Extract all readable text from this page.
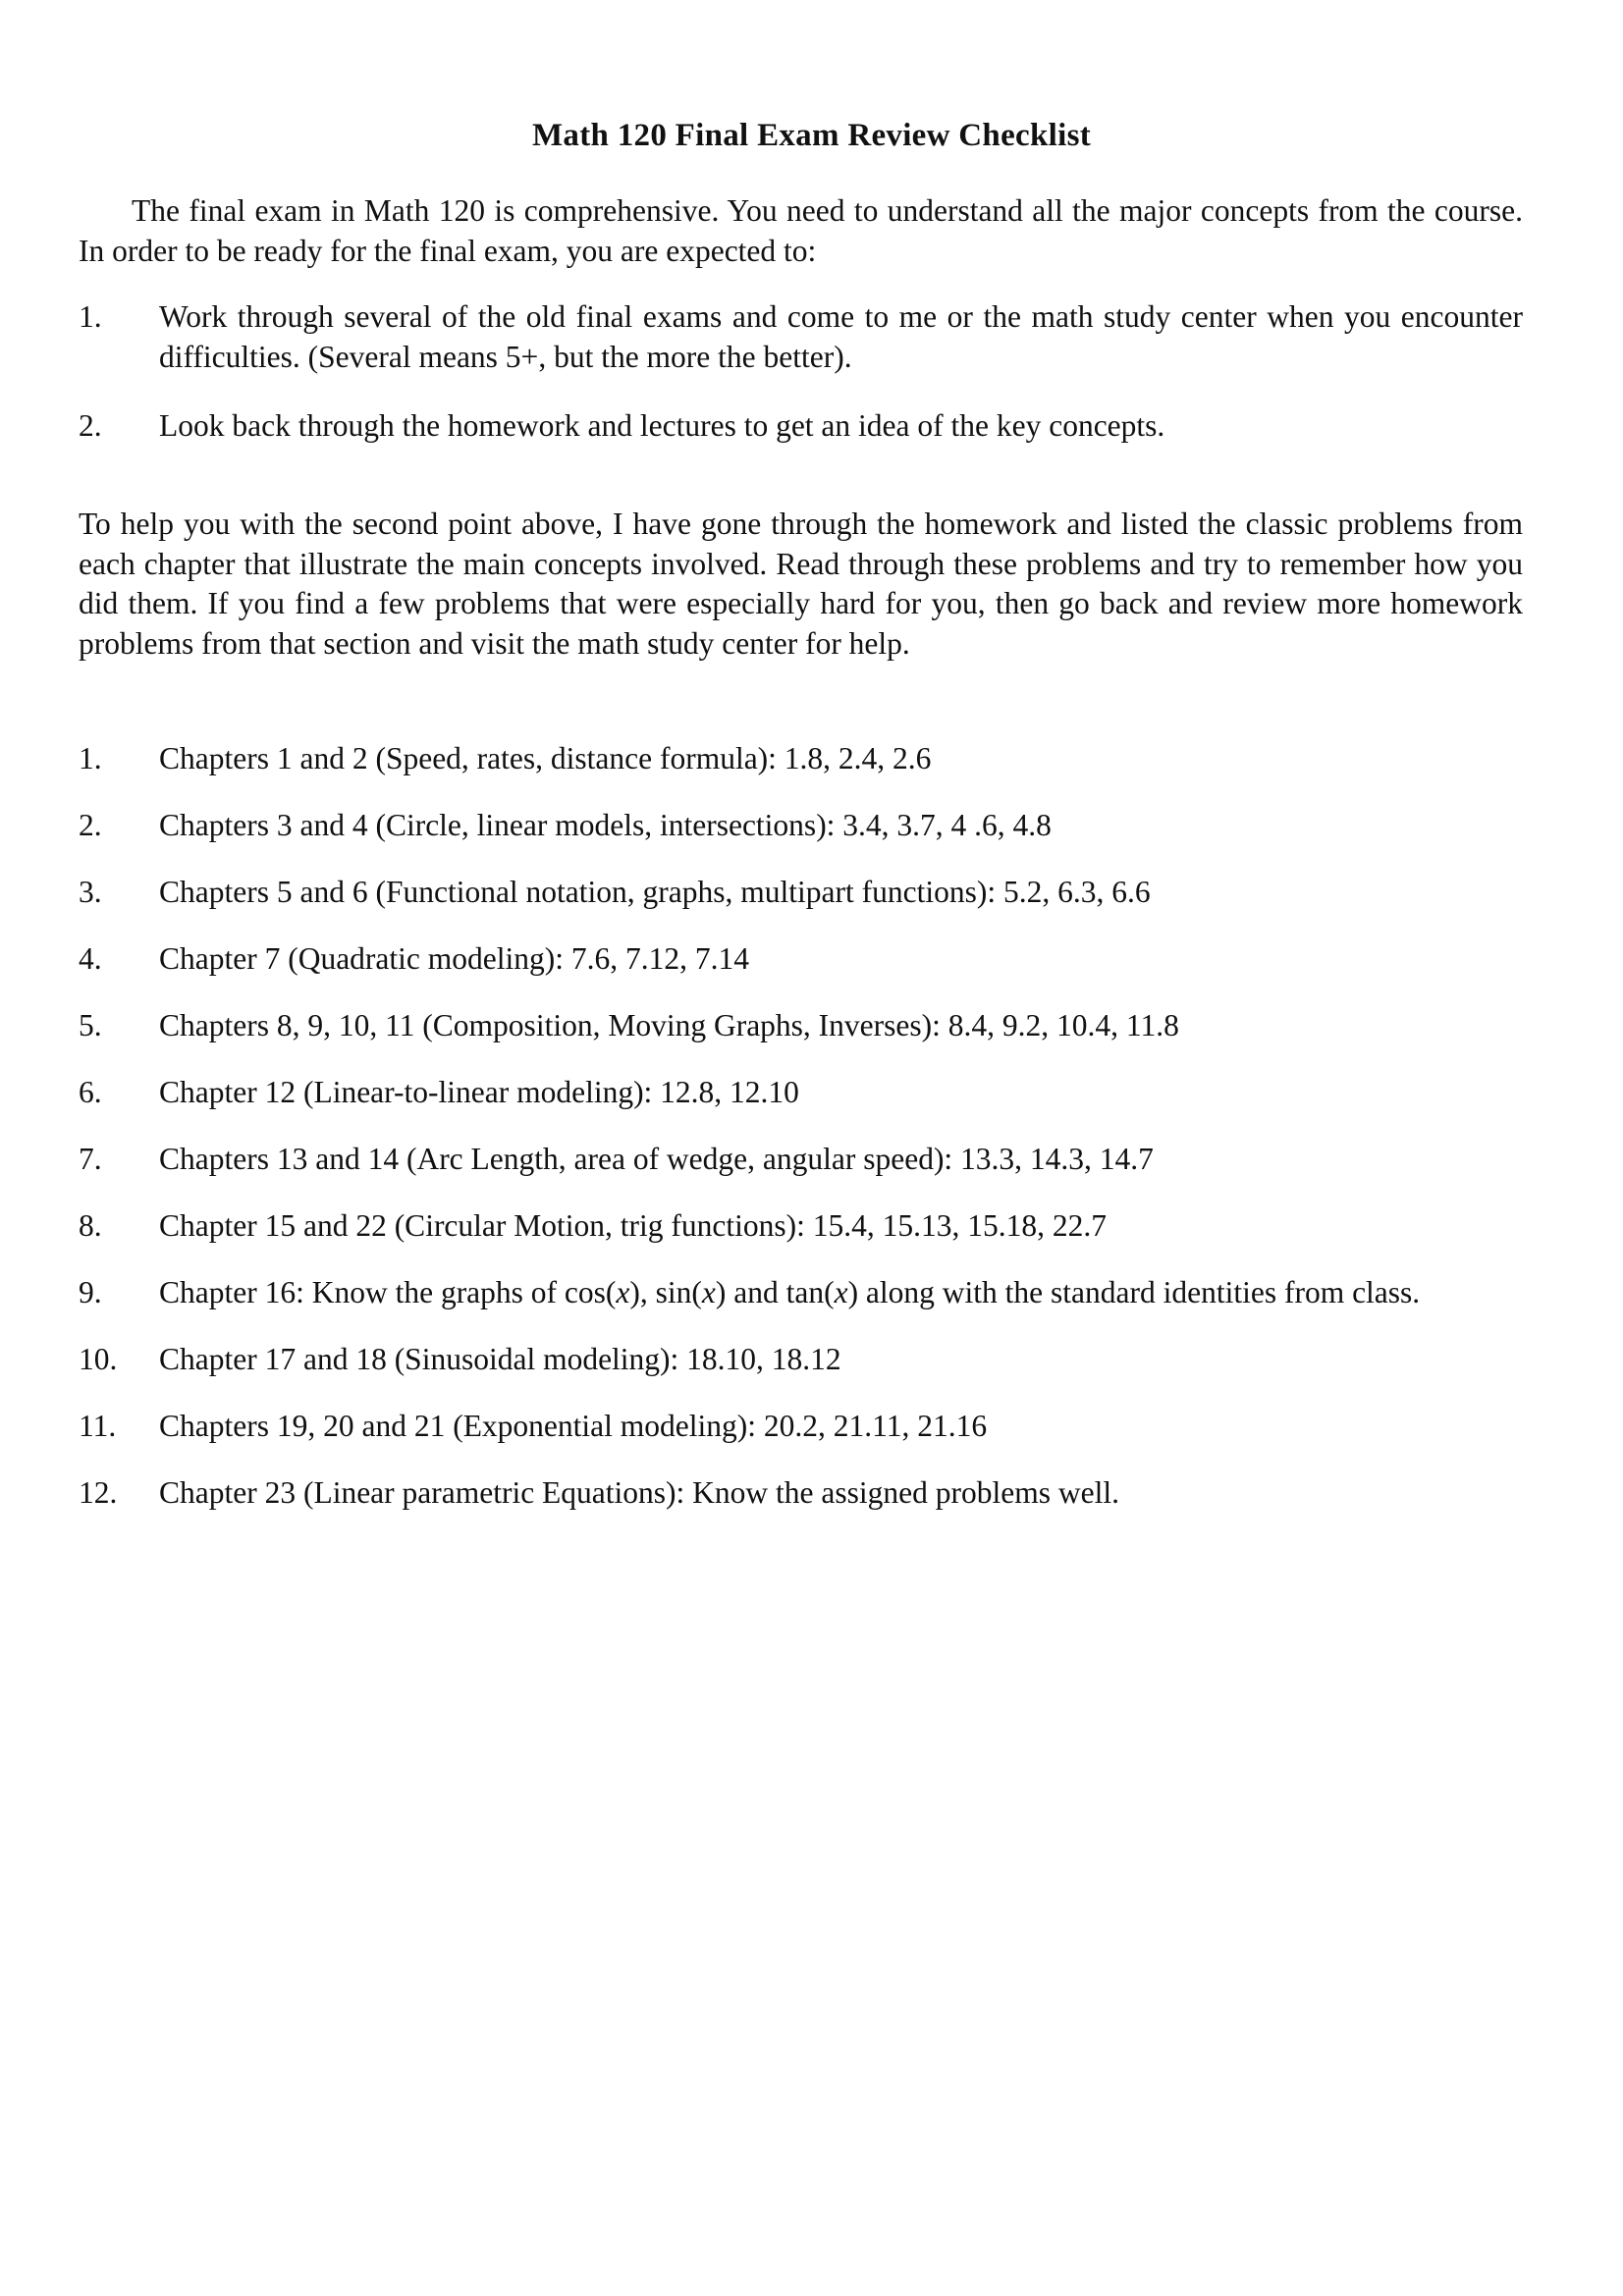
Math 120 Final Exam Review Checklist

The final exam in Math 120 is comprehensive. You need to understand all the major concepts from the course. In order to be ready for the final exam, you are expected to:

1.	Work through several of the old final exams and come to me or the math study center when you encounter difficulties. (Several means 5+, but the more the better).
2.	Look back through the homework and lectures to get an idea of the key concepts.

To help you with the second point above, I have gone through the homework and listed the classic problems from each chapter that illustrate the main concepts involved. Read through these problems and try to remember how you did them. If you find a few problems that were especially hard for you, then go back and review more homework problems from that section and visit the math study center for help.

1.	Chapters 1 and 2 (Speed, rates, distance formula): 1.8, 2.4, 2.6
2.	Chapters 3 and 4 (Circle, linear models, intersections): 3.4, 3.7, 4 .6, 4.8
3.	Chapters 5 and 6 (Functional notation, graphs, multipart functions): 5.2, 6.3, 6.6
4.	Chapter 7 (Quadratic modeling): 7.6, 7.12, 7.14
5.	Chapters 8, 9, 10, 11 (Composition, Moving Graphs, Inverses): 8.4, 9.2, 10.4, 11.8
6.	Chapter 12 (Linear-to-linear modeling): 12.8, 12.10
7.	Chapters 13 and 14 (Arc Length, area of wedge, angular speed): 13.3, 14.3, 14.7
8.	Chapter 15 and 22 (Circular Motion, trig functions): 15.4, 15.13, 15.18, 22.7
9.	Chapter 16: Know the graphs of cos(x), sin(x) and tan(x) along with the standard identities from class.
10.	Chapter 17 and 18 (Sinusoidal modeling): 18.10, 18.12
11.	Chapters 19, 20 and 21 (Exponential modeling): 20.2, 21.11, 21.16
12.	Chapter 23 (Linear parametric Equations): Know the assigned problems well.
